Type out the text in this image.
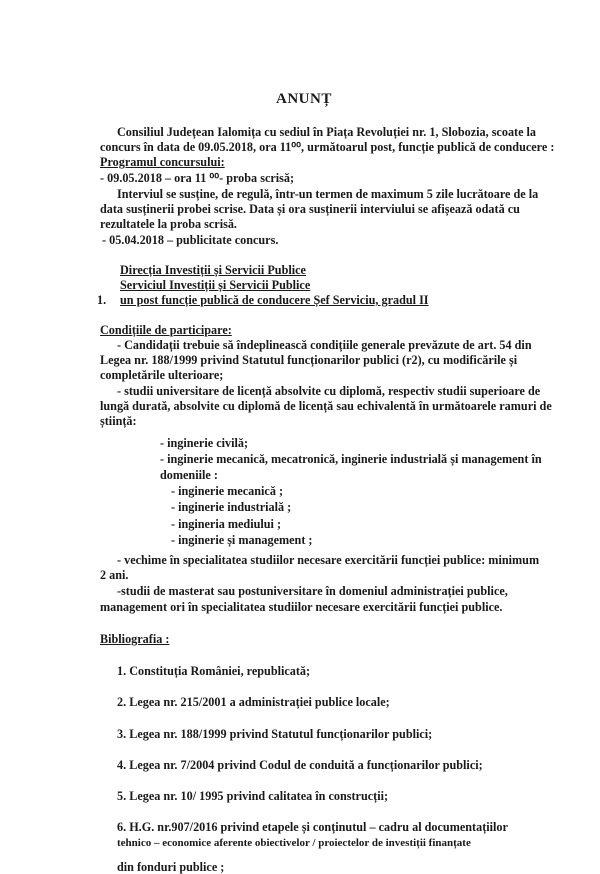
ANUNȚ
Consiliul Județean Ialomița cu sediul în Piața Revoluției nr. 1, Slobozia, scoate la
concurs în data de 09.05.2018, ora 11⁰⁰, următoarul post, funcție publică de conducere :
Programul concursului:
- 09.05.2018 – ora 11 ⁰⁰- proba scrisă;
Interviul se susține, de regulă, într-un termen de maximum 5 zile lucrătoare de la
data susținerii probei scrise. Data și ora susținerii interviului se afișează odată cu
rezultatele la proba scrisă.
- 05.04.2018 – publicitate concurs.
Direcția Investiții și Servicii Publice
Serviciul Investiții și Servicii Publice
1. un post funcție publică de conducere Șef Serviciu, gradul II
Condițiile de participare:
- Candidații trebuie să îndeplinească condițiile generale prevăzute de art. 54 din
Legea nr. 188/1999 privind Statutul funcționarilor publici (r2), cu modificările și
completările ulterioare;
- studii universitare de licență absolvite cu diplomă, respectiv studii superioare de
lungă durată, absolvite cu diplomă de licență sau echivalentă în următoarele ramuri de
știință:
- inginerie civilă;
- inginerie mecanică, mecatronică, inginerie industrială și management în
domeniile :
- inginerie mecanică ;
- inginerie industrială ;
- ingineria mediului ;
- inginerie și management ;
- vechime în specialitatea studiilor necesare exercitării funcției publice: minimum
2 ani.
-studii de masterat sau postuniversitare în domeniul administrației publice,
management ori în specialitatea studiilor necesare exercitării funcției publice.
Bibliografia :
1. Constituția României, republicată;
2. Legea nr. 215/2001 a administrației publice locale;
3. Legea nr. 188/1999 privind Statutul funcționarilor publici;
4. Legea nr. 7/2004 privind Codul de conduită a funcționarilor publici;
5. Legea nr. 10/ 1995 privind calitatea în construcții;
6. H.G. nr.907/2016 privind etapele și conținutul – cadru al documentațiilor
tehnico – economice aferente obiectivelor / proiectelor de investiții finanțate
din fonduri publice ;
